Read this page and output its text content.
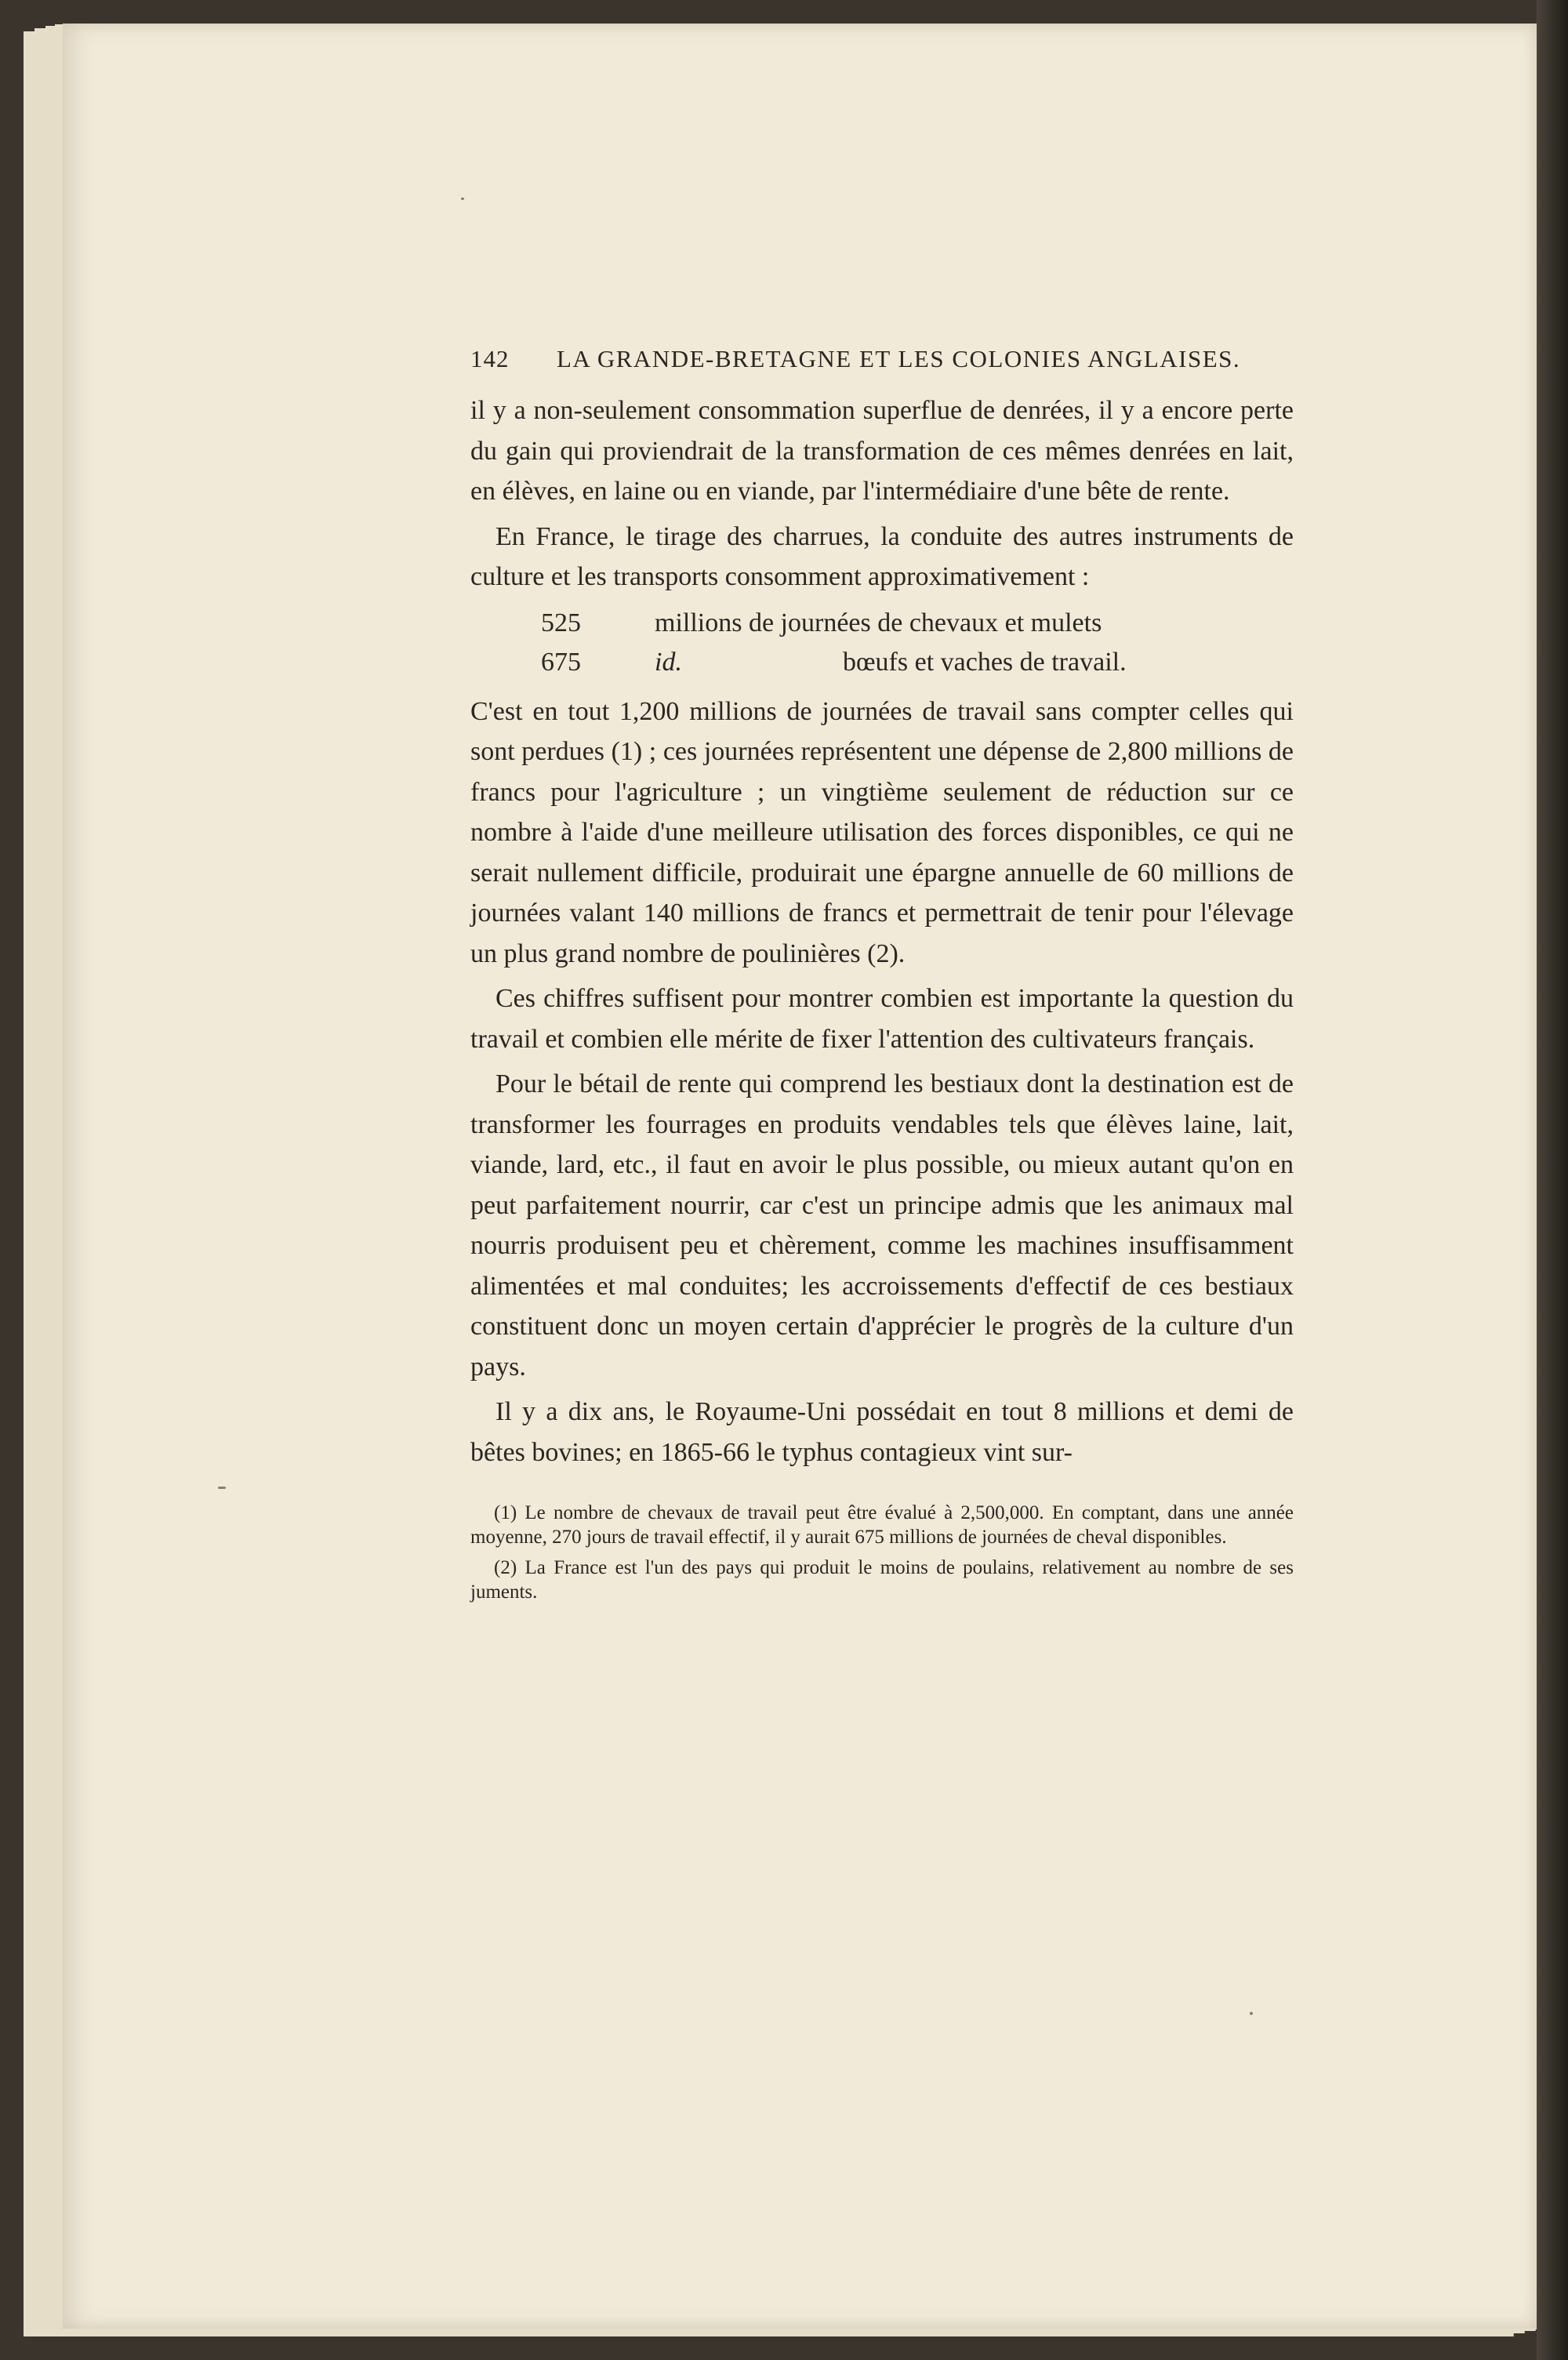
142	LA GRANDE-BRETAGNE ET LES COLONIES ANGLAISES.

il y a non-seulement consommation superflue de denrées, il y a encore perte du gain qui proviendrait de la transformation de ces mêmes denrées en lait, en élèves, en laine ou en viande, par l'intermédiaire d'une bête de rente.

En France, le tirage des charrues, la conduite des autres instruments de culture et les transports consomment approximativement :

525	millions de journées de chevaux et mulets
675	id.	bœufs et vaches de travail.

C'est en tout 1,200 millions de journées de travail sans compter celles qui sont perdues (1) ; ces journées représentent une dépense de 2,800 millions de francs pour l'agriculture ; un vingtième seulement de réduction sur ce nombre à l'aide d'une meilleure utilisation des forces disponibles, ce qui ne serait nullement difficile, produirait une épargne annuelle de 60 millions de journées valant 140 millions de francs et permettrait de tenir pour l'élevage un plus grand nombre de poulinières (2).

Ces chiffres suffisent pour montrer combien est importante la question du travail et combien elle mérite de fixer l'attention des cultivateurs français.

Pour le bétail de rente qui comprend les bestiaux dont la destination est de transformer les fourrages en produits vendables tels que élèves laine, lait, viande, lard, etc., il faut en avoir le plus possible, ou mieux autant qu'on en peut parfaitement nourrir, car c'est un principe admis que les animaux mal nourris produisent peu et chèrement, comme les machines insuffisamment alimentées et mal conduites; les accroissements d'effectif de ces bestiaux constituent donc un moyen certain d'apprécier le progrès de la culture d'un pays.

Il y a dix ans, le Royaume-Uni possédait en tout 8 millions et demi de bêtes bovines; en 1865-66 le typhus contagieux vint sur-

(1) Le nombre de chevaux de travail peut être évalué à 2,500,000. En comptant, dans une année moyenne, 270 jours de travail effectif, il y aurait 675 millions de journées de cheval disponibles.

(2) La France est l'un des pays qui produit le moins de poulains, relativement au nombre de ses juments.
